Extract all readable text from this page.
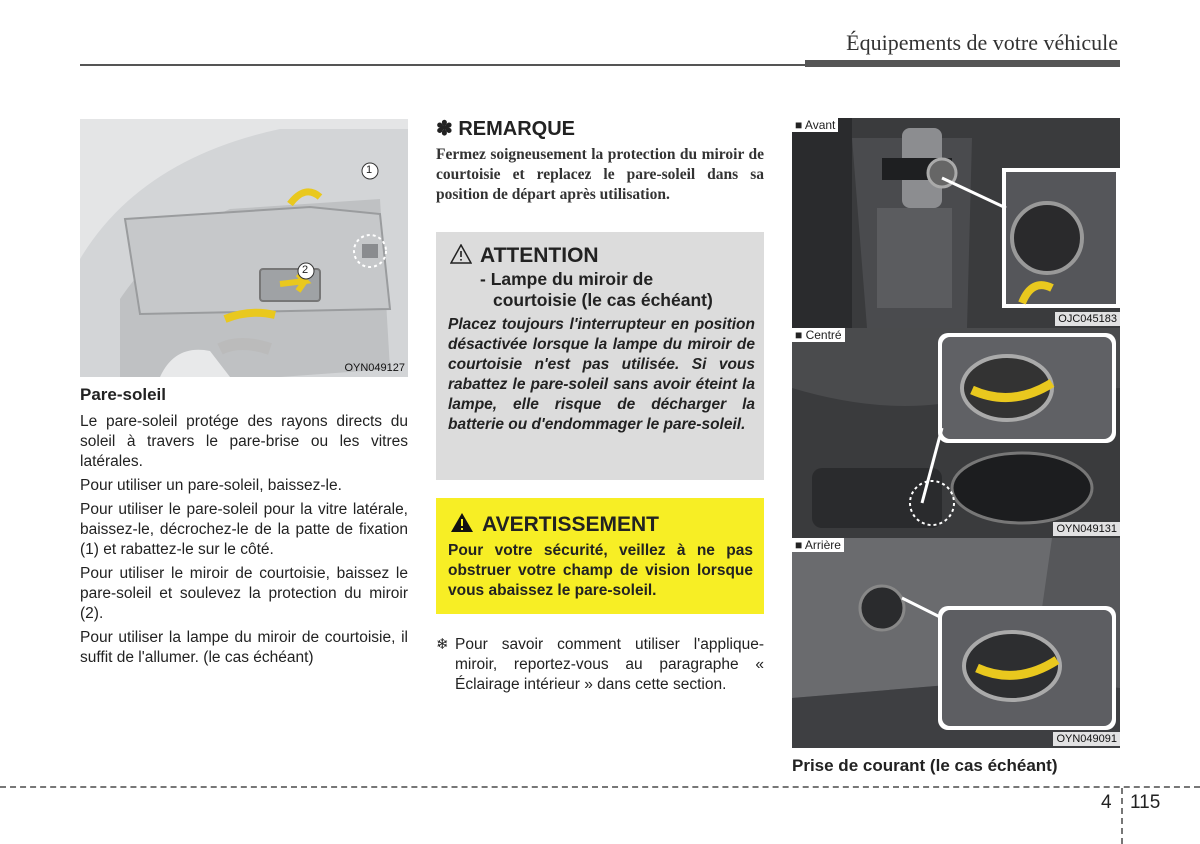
Équipements de votre véhicule
1
2
OYN049127
Pare-soleil

Le pare-soleil protége des rayons directs du soleil à travers le pare-brise ou les vitres latérales.

Pour utiliser un pare-soleil, baissez-le.

Pour utiliser le pare-soleil pour la vitre latérale, baissez-le, décrochez-le de la patte de fixation (1) et rabattez-le sur le côté.

Pour utiliser le miroir de courtoisie, baissez le pare-soleil et soulevez la protection du miroir (2).

Pour utiliser la lampe du miroir de courtoisie, il suffit de l'allumer. (le cas échéant)

✽ REMARQUE
Fermez soigneusement la protection du miroir de courtoisie et replacez le pare-soleil dans sa position de départ après utilisation.
ATTENTION
- Lampe du miroir de
courtoisie (le cas échéant)
Placez toujours l'interrupteur en position désactivée lorsque la lampe du miroir de courtoisie n'est pas utilisée. Si vous rabattez le pare-soleil sans avoir éteint la lampe, elle risque de décharger la batterie ou d'endommager le pare-soleil.
AVERTISSEMENT
Pour votre sécurité, veillez à ne pas obstruer votre champ de vision lorsque vous abaissez le pare-soleil.
❄ Pour savoir comment utiliser l'applique-miroir, reportez-vous au paragraphe « Éclairage intérieur » dans cette section.
■ Avant
OJC045183
■ Centré
OYN049131
■ Arrière
OYN049091
Prise de courant (le cas échéant)
4 115
